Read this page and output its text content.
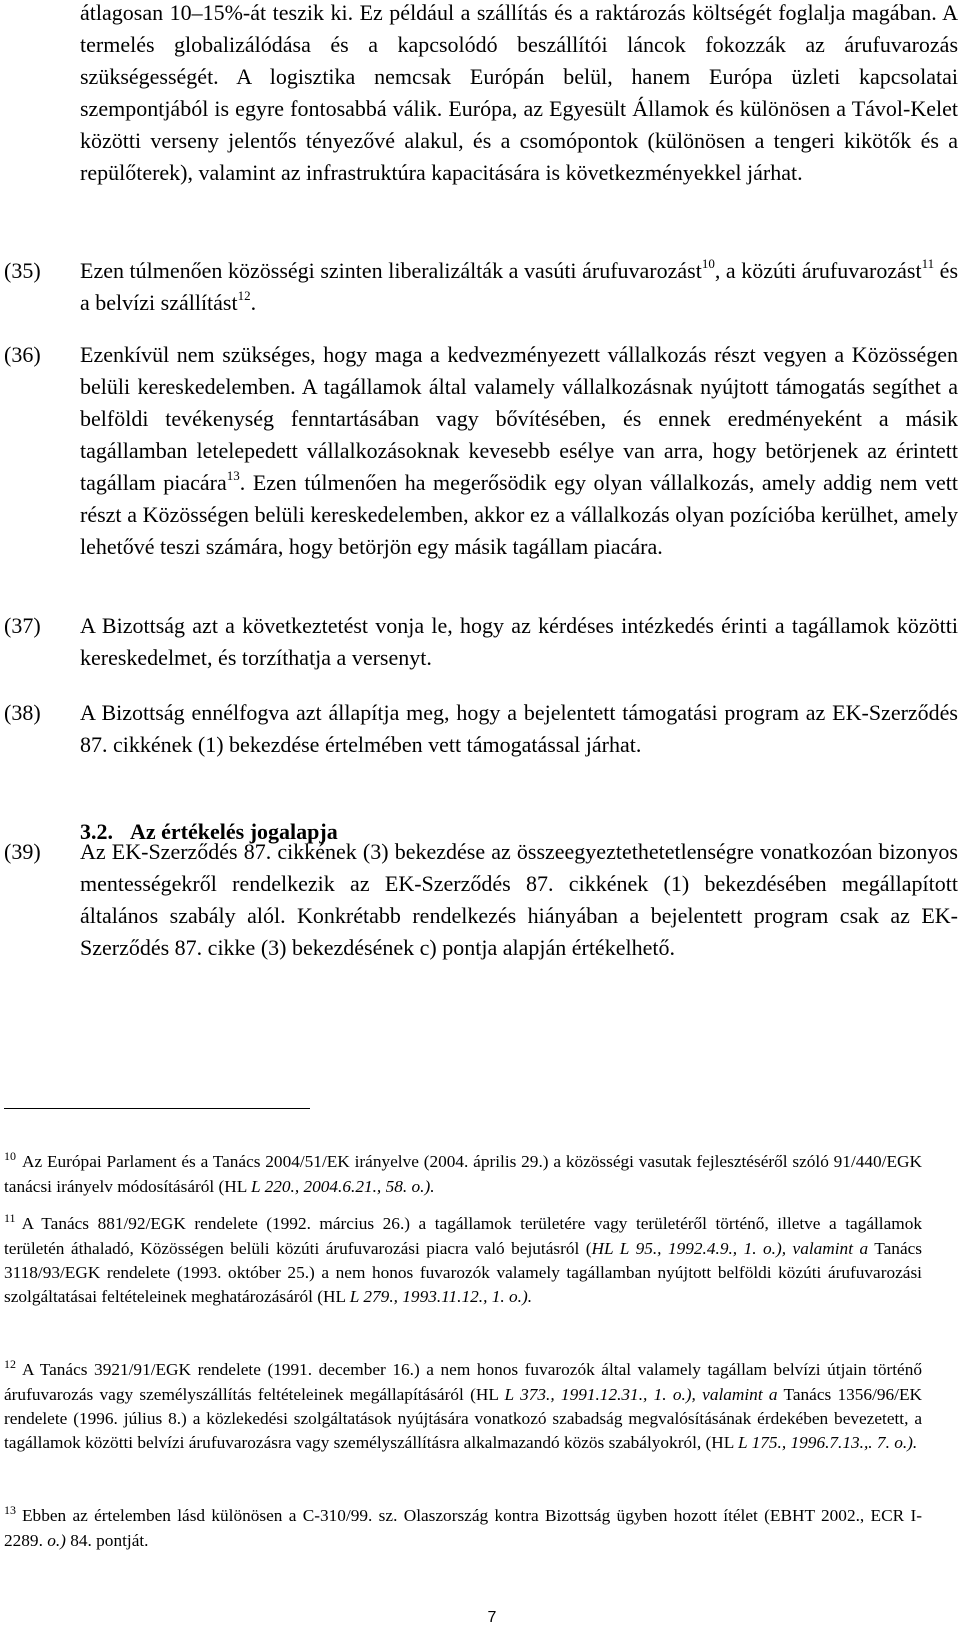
átlagosan 10–15%-át teszik ki. Ez például a szállítás és a raktározás költségét foglalja magában. A termelés globalizálódása és a kapcsolódó beszállítói láncok fokozzák az árufuvarozás szükségességét. A logisztika nemcsak Európán belül, hanem Európa üzleti kapcsolatai szempontjából is egyre fontosabbá válik. Európa, az Egyesült Államok és különösen a Távol-Kelet közötti verseny jelentős tényezővé alakul, és a csomópontok (különösen a tengeri kikötők és a repülőterek), valamint az infrastruktúra kapacitására is következményekkel járhat.

(35) Ezen túlmenően közösségi szinten liberalizálták a vasúti árufuvarozást$^{10}$, a közúti árufuvarozást$^{11}$ és a belvízi szállítást$^{12}$.

(36) Ezenkívül nem szükséges, hogy maga a kedvezményezett vállalkozás részt vegyen a Közösségen belüli kereskedelemben. A tagállamok által valamely vállalkozásnak nyújtott támogatás segíthet a belföldi tevékenység fenntartásában vagy bővítésében, és ennek eredményeként a másik tagállamban letelepedett vállalkozásoknak kevesebb esélye van arra, hogy betörjenek az érintett tagállam piacára$^{13}$. Ezen túlmenően ha megerősödik egy olyan vállalkozás, amely addig nem vett részt a Közösségen belüli kereskedelemben, akkor ez a vállalkozás olyan pozícióba kerülhet, amely lehetővé teszi számára, hogy betörjön egy másik tagállam piacára.

(37) A Bizottság azt a következtetést vonja le, hogy az kérdéses intézkedés érinti a tagállamok közötti kereskedelmet, és torzíthatja a versenyt.

(38) A Bizottság ennélfogva azt állapítja meg, hogy a bejelentett támogatási program az EK-Szerződés 87. cikkének (1) bekezdése értelmében vett támogatással járhat.

3.2. Az értékelés jogalapja

(39) Az EK-Szerződés 87. cikkének (3) bekezdése az összeegyeztethetetlenségre vonatkozóan bizonyos mentességekről rendelkezik az EK-Szerződés 87. cikkének (1) bekezdésében megállapított általános szabály alól. Konkrétabb rendelkezés hiányában a bejelentett program csak az EK-Szerződés 87. cikke (3) bekezdésének c) pontja alapján értékelhető.

$^{10}$ Az Európai Parlament és a Tanács 2004/51/EK irányelve (2004. április 29.) a közösségi vasutak fejlesztéséről szóló 91/440/EGK tanácsi irányelv módosításáról (HL L 220., 2004.6.21., 58. o.).

$^{11}$ A Tanács 881/92/EGK rendelete (1992. március 26.) a tagállamok területére vagy területéről történő, illetve a tagállamok területén áthaladó, Közösségen belüli közúti árufuvarozási piacra való bejutásról (HL L 95., 1992.4.9., 1. o.), valamint a Tanács 3118/93/EGK rendelete (1993. október 25.) a nem honos fuvarozók valamely tagállamban nyújtott belföldi közúti árufuvarozási szolgáltatásai feltételeinek meghatározásáról (HL L 279., 1993.11.12., 1. o.).

$^{12}$ A Tanács 3921/91/EGK rendelete (1991. december 16.) a nem honos fuvarozók által valamely tagállam belvízi útjain történő árufuvarozás vagy személyszállítás feltételeinek megállapításáról (HL L 373., 1991.12.31., 1. o.), valamint a Tanács 1356/96/EK rendelete (1996. július 8.) a közlekedési szolgáltatások nyújtására vonatkozó szabadság megvalósításának érdekében bevezetett, a tagállamok közötti belvízi árufuvarozásra vagy személyszállításra alkalmazandó közös szabályokról, (HL L 175., 1996.7.13.,. 7. o.).

$^{13}$ Ebben az értelemben lásd különösen a C-310/99. sz. Olaszország kontra Bizottság ügyben hozott ítélet (EBHT 2002., ECR I-2289. o.) 84. pontját.

7
